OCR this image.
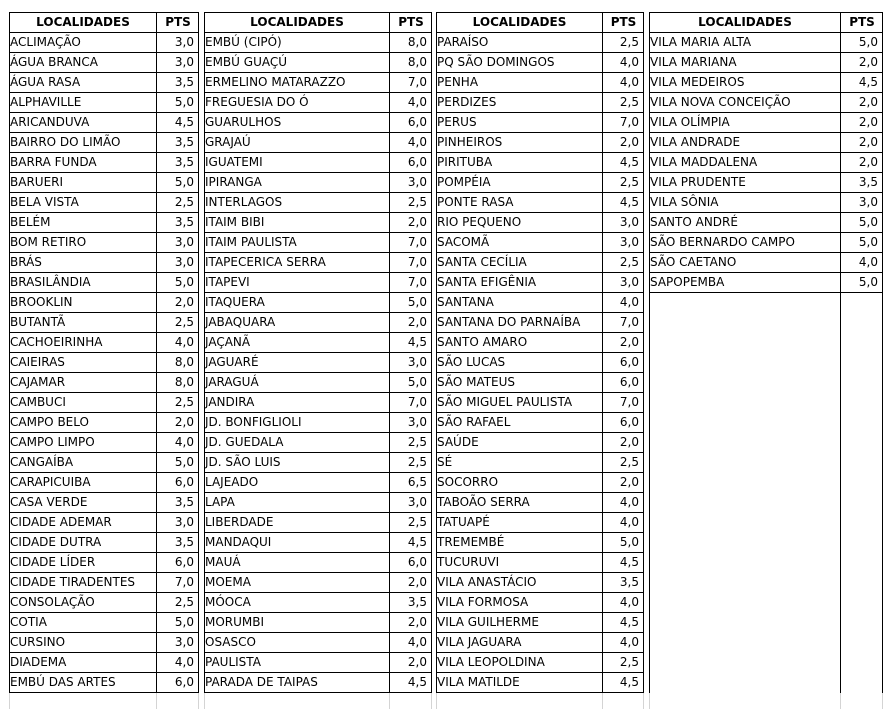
LOCALIDADES	PTS
ACLIMAÇÃO	3,0
ÁGUA BRANCA	3,0
ÁGUA RASA	3,5
ALPHAVILLE	5,0
ARICANDUVA	4,5
BAIRRO DO LIMÃO	3,5
BARRA FUNDA	3,5
BARUERI	5,0
BELA VISTA	2,5
BELÉM	3,5
BOM RETIRO	3,0
BRÁS	3,0
BRASILÂNDIA	5,0
BROOKLIN	2,0
BUTANTÃ	2,5
CACHOEIRINHA	4,0
CAIEIRAS	8,0
CAJAMAR	8,0
CAMBUCI	2,5
CAMPO BELO	2,0
CAMPO LIMPO	4,0
CANGAÍBA	5,0
CARAPICUIBA	6,0
CASA VERDE	3,5
CIDADE ADEMAR	3,0
CIDADE DUTRA	3,5
CIDADE LÍDER	6,0
CIDADE TIRADENTES	7,0
CONSOLAÇÃO	2,5
COTIA	5,0
CURSINO	3,0
DIADEMA	4,0
EMBÚ DAS ARTES	6,0
LOCALIDADES	PTS
EMBÚ (CIPÓ)	8,0
EMBÚ GUAÇÚ	8,0
ERMELINO MATARAZZO	7,0
FREGUESIA DO Ó	4,0
GUARULHOS	6,0
GRAJAÚ	4,0
IGUATEMI	6,0
IPIRANGA	3,0
INTERLAGOS	2,5
ITAIM BIBI	2,0
ITAIM PAULISTA	7,0
ITAPECERICA SERRA	7,0
ITAPEVI	7,0
ITAQUERA	5,0
JABAQUARA	2,0
JAÇANÃ	4,5
JAGUARÉ	3,0
JARAGUÁ	5,0
JANDIRA	7,0
JD. BONFIGLIOLI	3,0
JD. GUEDALA	2,5
JD. SÃO LUIS	2,5
LAJEADO	6,5
LAPA	3,0
LIBERDADE	2,5
MANDAQUI	4,5
MAUÁ	6,0
MOEMA	2,0
MÓOCA	3,5
MORUMBI	2,0
OSASCO	4,0
PAULISTA	2,0
PARADA DE TAIPAS	4,5
LOCALIDADES	PTS
PARAÍSO	2,5
PQ SÃO DOMINGOS	4,0
PENHA	4,0
PERDIZES	2,5
PERUS	7,0
PINHEIROS	2,0
PIRITUBA	4,5
POMPÉIA	2,5
PONTE RASA	4,5
RIO PEQUENO	3,0
SACOMÃ	3,0
SANTA CECÍLIA	2,5
SANTA EFIGÊNIA	3,0
SANTANA	4,0
SANTANA DO PARNAÍBA	7,0
SANTO AMARO	2,0
SÃO LUCAS	6,0
SÃO MATEUS	6,0
SÃO MIGUEL PAULISTA	7,0
SÃO RAFAEL	6,0
SAÚDE	2,0
SÉ	2,5
SOCORRO	2,0
TABOÃO SERRA	4,0
TATUAPÉ	4,0
TREMEMBÉ	5,0
TUCURUVI	4,5
VILA ANASTÁCIO	3,5
VILA FORMOSA	4,0
VILA GUILHERME	4,5
VILA JAGUARA	4,0
VILA LEOPOLDINA	2,5
VILA MATILDE	4,5
LOCALIDADES	PTS
VILA MARIA ALTA	5,0
VILA MARIANA	2,0
VILA MEDEIROS	4,5
VILA NOVA CONCEIÇÃO	2,0
VILA OLÍMPIA	2,0
VILA ANDRADE	2,0
VILA MADDALENA	2,0
VILA PRUDENTE	3,5
VILA SÔNIA	3,0
SANTO ANDRÉ	5,0
SÃO BERNARDO CAMPO	5,0
SÃO CAETANO	4,0
SAPOPEMBA	5,0
